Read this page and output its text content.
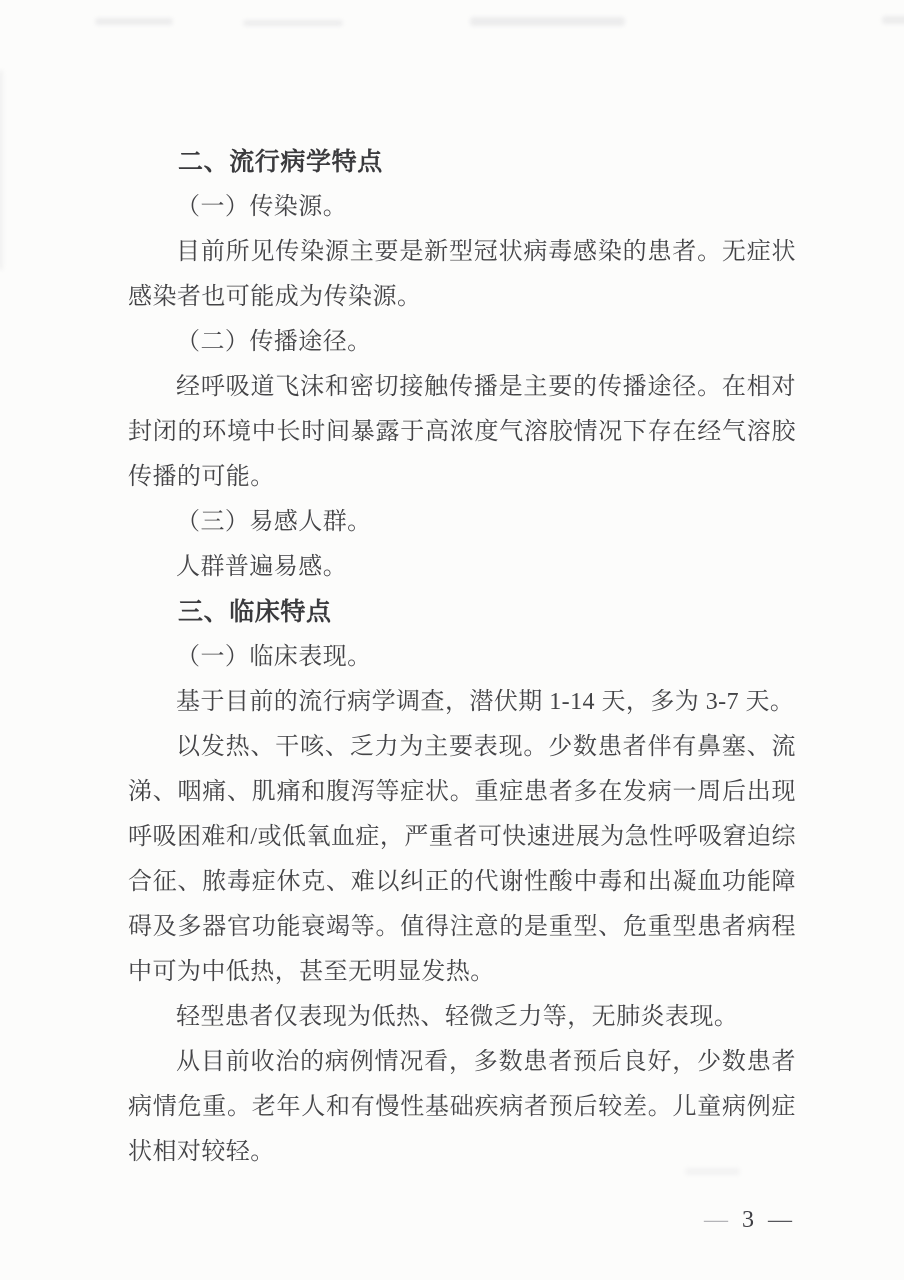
二、流行病学特点

（一）传染源。

目前所见传染源主要是新型冠状病毒感染的患者。无症状感染者也可能成为传染源。

（二）传播途径。

经呼吸道飞沫和密切接触传播是主要的传播途径。在相对封闭的环境中长时间暴露于高浓度气溶胶情况下存在经气溶胶传播的可能。

（三）易感人群。

人群普遍易感。

三、临床特点

（一）临床表现。

基于目前的流行病学调查，潜伏期 1-14 天，多为 3-7 天。

以发热、干咳、乏力为主要表现。少数患者伴有鼻塞、流涕、咽痛、肌痛和腹泻等症状。重症患者多在发病一周后出现呼吸困难和/或低氧血症，严重者可快速进展为急性呼吸窘迫综合征、脓毒症休克、难以纠正的代谢性酸中毒和出凝血功能障碍及多器官功能衰竭等。值得注意的是重型、危重型患者病程中可为中低热，甚至无明显发热。

轻型患者仅表现为低热、轻微乏力等，无肺炎表现。

从目前收治的病例情况看，多数患者预后良好，少数患者病情危重。老年人和有慢性基础疾病者预后较差。儿童病例症状相对较轻。

— 3 —
